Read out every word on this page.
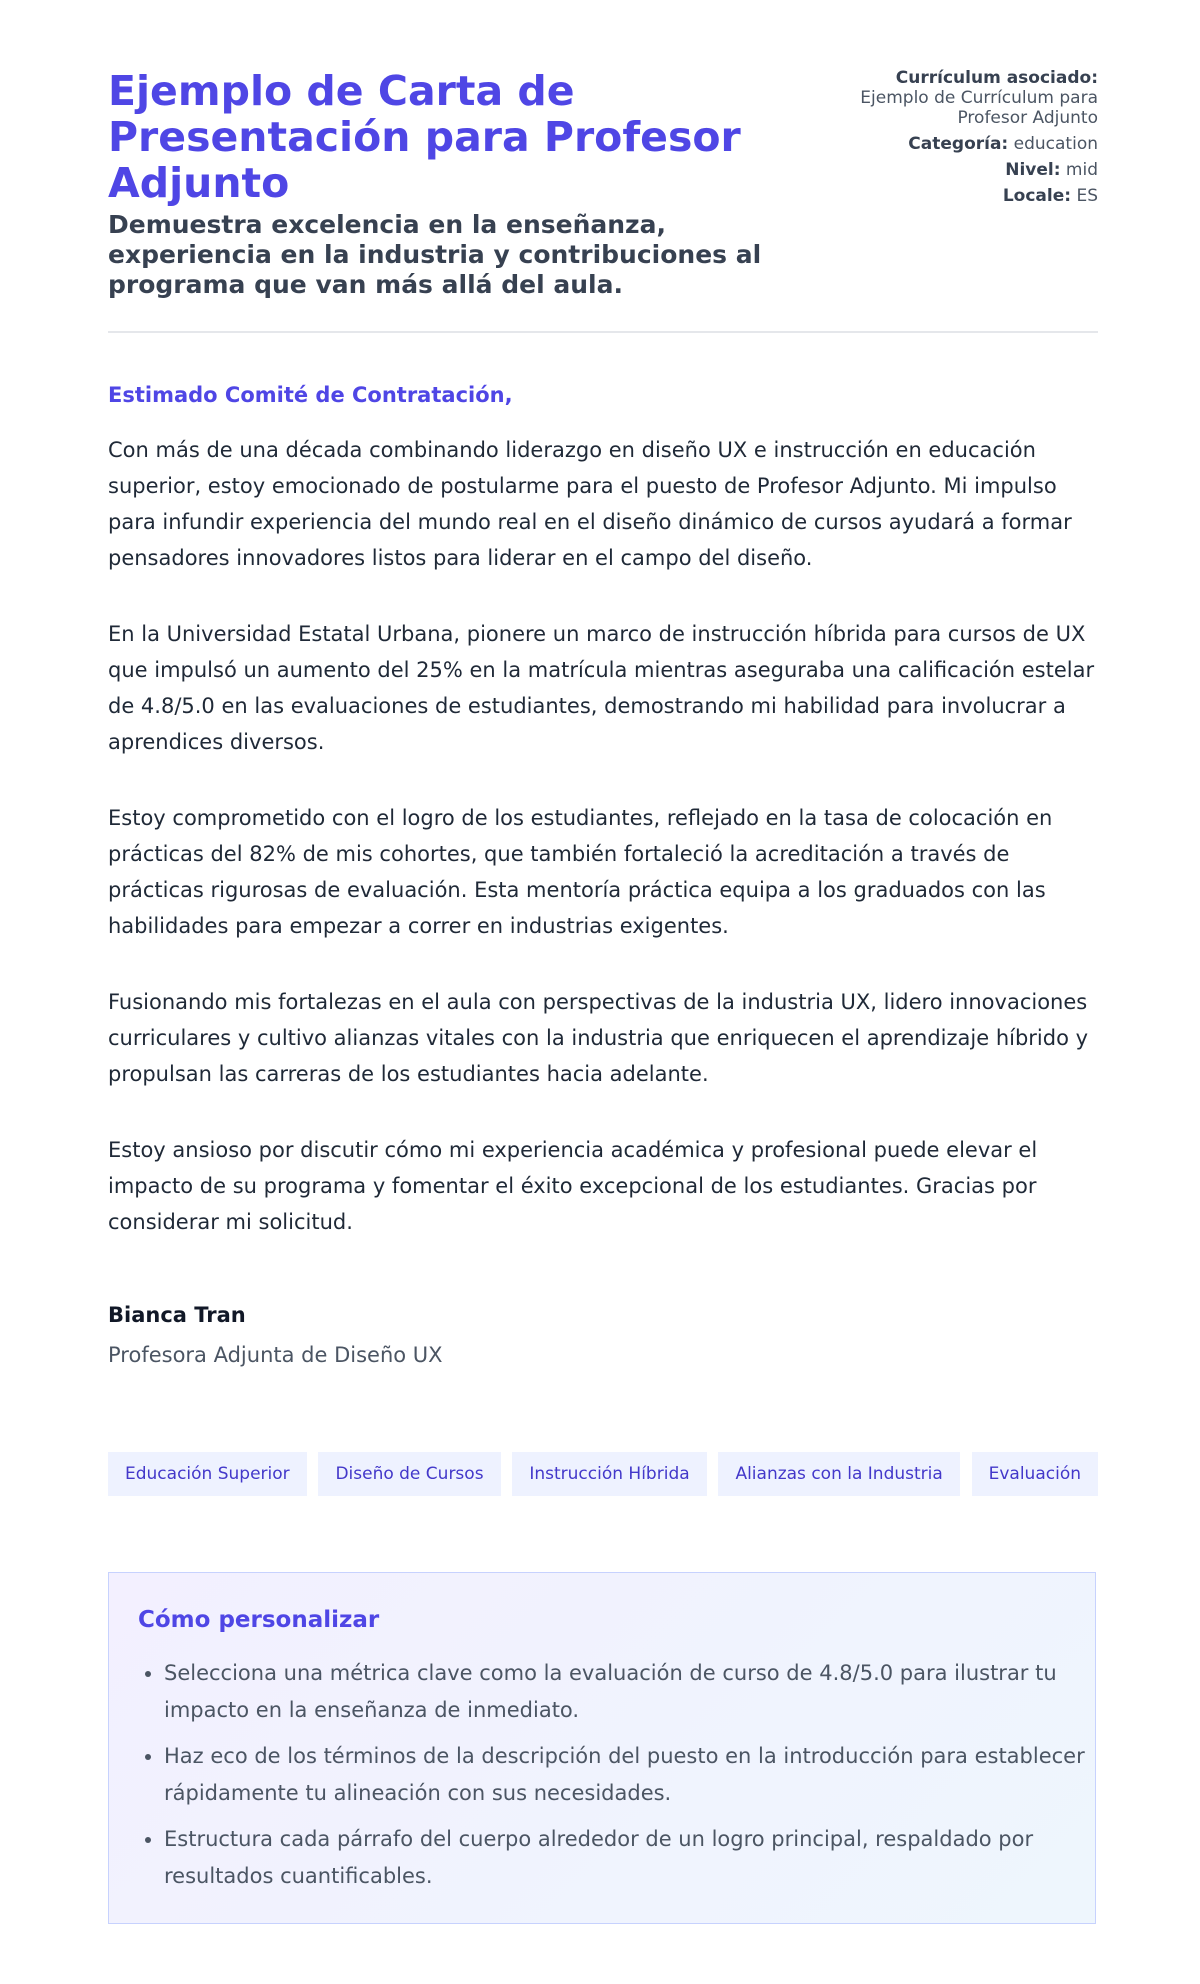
Ejemplo de Carta de Presentación para Profesor Adjunto

Demuestra excelencia en la enseñanza, experiencia en la industria y contribuciones al programa que van más allá del aula.

Currículum asociado:
Ejemplo de Currículum para Profesor Adjunto
Categoría: education
Nivel: mid
Locale: ES

Estimado Comité de Contratación,

Con más de una década combinando liderazgo en diseño UX e instrucción en educación superior, estoy emocionado de postularme para el puesto de Profesor Adjunto. Mi impulso para infundir experiencia del mundo real en el diseño dinámico de cursos ayudará a formar pensadores innovadores listos para liderar en el campo del diseño.

En la Universidad Estatal Urbana, pionere un marco de instrucción híbrida para cursos de UX que impulsó un aumento del 25% en la matrícula mientras aseguraba una calificación estelar de 4.8/5.0 en las evaluaciones de estudiantes, demostrando mi habilidad para involucrar a aprendices diversos.

Estoy comprometido con el logro de los estudiantes, reflejado en la tasa de colocación en prácticas del 82% de mis cohortes, que también fortaleció la acreditación a través de prácticas rigurosas de evaluación. Esta mentoría práctica equipa a los graduados con las habilidades para empezar a correr en industrias exigentes.

Fusionando mis fortalezas en el aula con perspectivas de la industria UX, lidero innovaciones curriculares y cultivo alianzas vitales con la industria que enriquecen el aprendizaje híbrido y propulsan las carreras de los estudiantes hacia adelante.

Estoy ansioso por discutir cómo mi experiencia académica y profesional puede elevar el impacto de su programa y fomentar el éxito excepcional de los estudiantes. Gracias por considerar mi solicitud.

Bianca Tran

Profesora Adjunta de Diseño UX

Educación Superior	Diseño de Cursos	Instrucción Híbrida	Alianzas con la Industria	Evaluación
Cómo personalizar
• Selecciona una métrica clave como la evaluación de curso de 4.8/5.0 para ilustrar tu impacto en la enseñanza de inmediato.
• Haz eco de los términos de la descripción del puesto en la introducción para establecer rápidamente tu alineación con sus necesidades.
• Estructura cada párrafo del cuerpo alrededor de un logro principal, respaldado por resultados cuantificables.
